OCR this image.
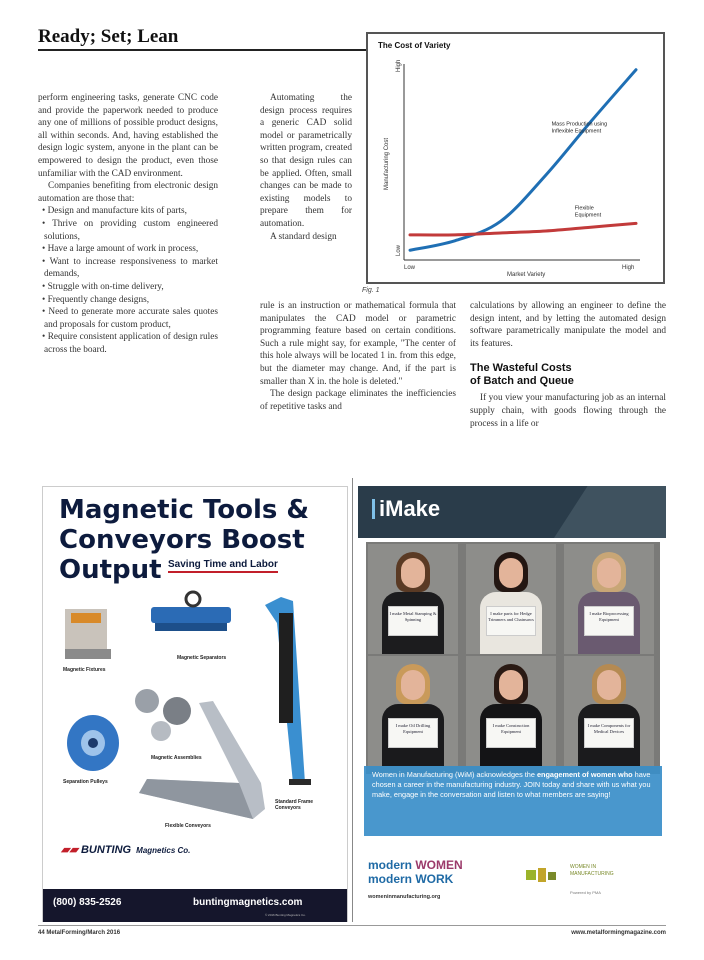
Ready; Set; Lean

perform engineering tasks, generate CNC code and provide the paperwork needed to produce any one of millions of possible product designs, all within seconds. And, having established the design logic system, anyone in the plant can be empowered to design the product, even those unfamiliar with the CAD environment.

Companies benefiting from electronic design automation are those that:

• Design and manufacture kits of parts,

• Thrive on providing custom engineered solutions,

• Have a large amount of work in process,

• Want to increase responsiveness to market demands,

• Struggle with on-time delivery,

• Frequently change designs,

• Need to generate more accurate sales quotes and proposals for custom product,

• Require consistent application of design rules across the board.

Automating the design process requires a generic CAD solid model or parametrically written program, created so that design rules can be applied. Often, small changes can be made to existing models to prepare them for automation.

A standard design

rule is an instruction or mathematical formula that manipulates the CAD model or parametric programming feature based on certain conditions. Such a rule might say, for example, "The center of this hole always will be located 1 in. from this edge, but the diameter may change. And, if the part is smaller than X in. the hole is deleted."

The design package eliminates the inefficiencies of repetitive tasks and

calculations by allowing an engineer to define the design intent, and by letting the automated design software parametrically manipulate the model and its features.

The Wasteful Costs
of Batch and Queue

If you view your manufacturing job as an internal supply chain, with goods flowing through the process in a life or

The Cost of Variety
Low
High
Low	High
Market Variety
Manufacturing Cost
Mass Production using Inflexible Equipment
Flexible Equipment
Fig. 1
Magnetic Tools & Conveyors Boost Output Saving Time and Labor
Magnetic Fixtures
Magnetic Separators
Magnetic Assemblies
Separation Pulleys
Flexible Conveyors
Standard Frame Conveyors
▰▰ BUNTING Magnetics Co.
(800) 835-2526	buntingmagnetics.com
© 2016 Bunting Magnetics Co.
iMake
I make Metal Stamping & Spinning
I make parts for Hedge Trimmers and Chainsaws
I make Bioprocessing Equipment
I make Oil Drilling Equipment
I make Construction Equipment
I make Components for Medical Devices
Women in Manufacturing (WiM) acknowledges the engagement of women who have chosen a career in the manufacturing industry. JOIN today and share with us what you make, engage in the conversation and listen to what members are saying!
modern WOMEN
modern WORK
womeninmanufacturing.org
WOMEN IN MANUFACTURING
Powered by PMA
44 MetalForming/March 2016	www.metalformingmagazine.com
